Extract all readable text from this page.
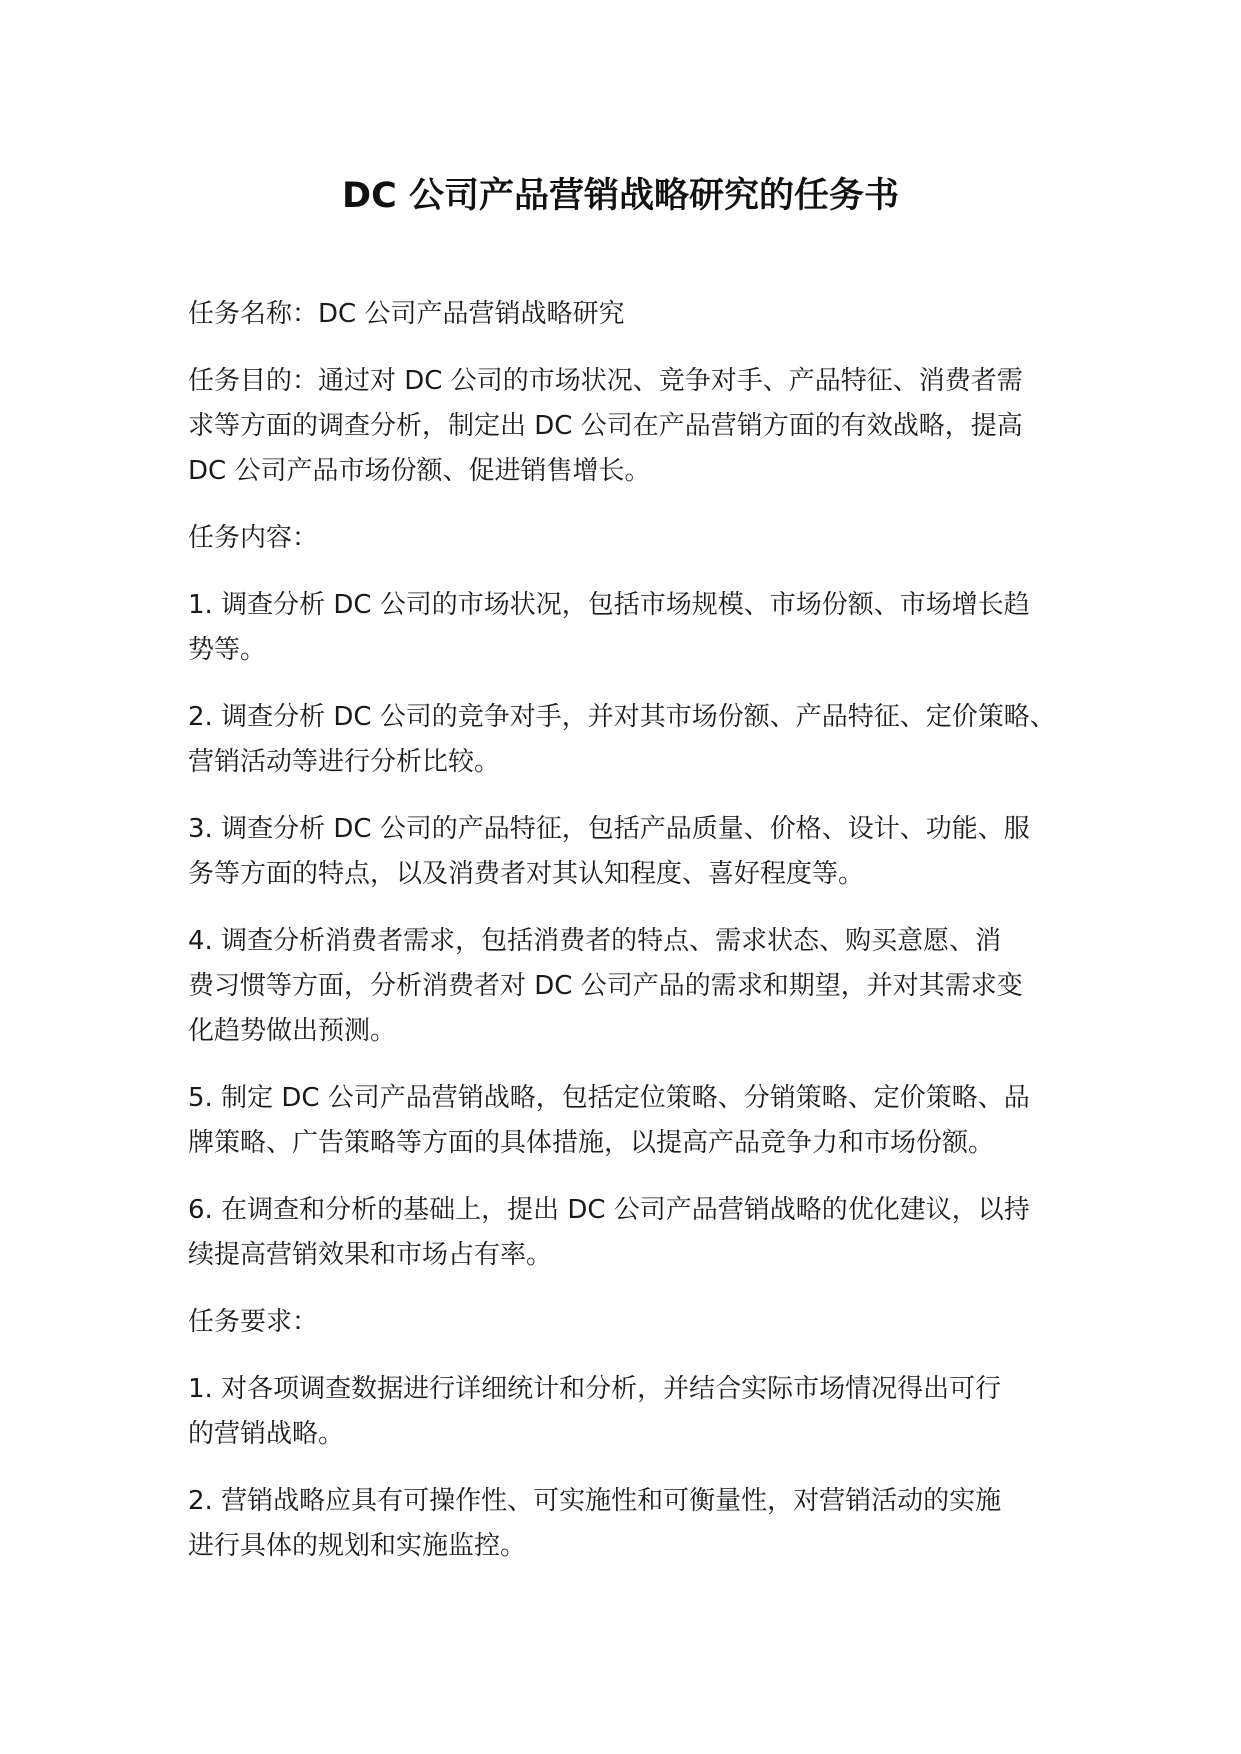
DC 公司产品营销战略研究的任务书

任务名称：DC 公司产品营销战略研究

任务目的：通过对 DC 公司的市场状况、竞争对手、产品特征、消费者需
求等方面的调查分析，制定出 DC 公司在产品营销方面的有效战略，提高
DC 公司产品市场份额、促进销售增长。

任务内容：

1. 调查分析 DC 公司的市场状况，包括市场规模、市场份额、市场增长趋
势等。

2. 调查分析 DC 公司的竞争对手，并对其市场份额、产品特征、定价策略、
营销活动等进行分析比较。

3. 调查分析 DC 公司的产品特征，包括产品质量、价格、设计、功能、服
务等方面的特点，以及消费者对其认知程度、喜好程度等。

4. 调查分析消费者需求，包括消费者的特点、需求状态、购买意愿、消
费习惯等方面，分析消费者对 DC 公司产品的需求和期望，并对其需求变
化趋势做出预测。

5. 制定 DC 公司产品营销战略，包括定位策略、分销策略、定价策略、品
牌策略、广告策略等方面的具体措施，以提高产品竞争力和市场份额。

6. 在调查和分析的基础上，提出 DC 公司产品营销战略的优化建议，以持
续提高营销效果和市场占有率。

任务要求：

1. 对各项调查数据进行详细统计和分析，并结合实际市场情况得出可行
的营销战略。

2. 营销战略应具有可操作性、可实施性和可衡量性，对营销活动的实施
进行具体的规划和实施监控。
